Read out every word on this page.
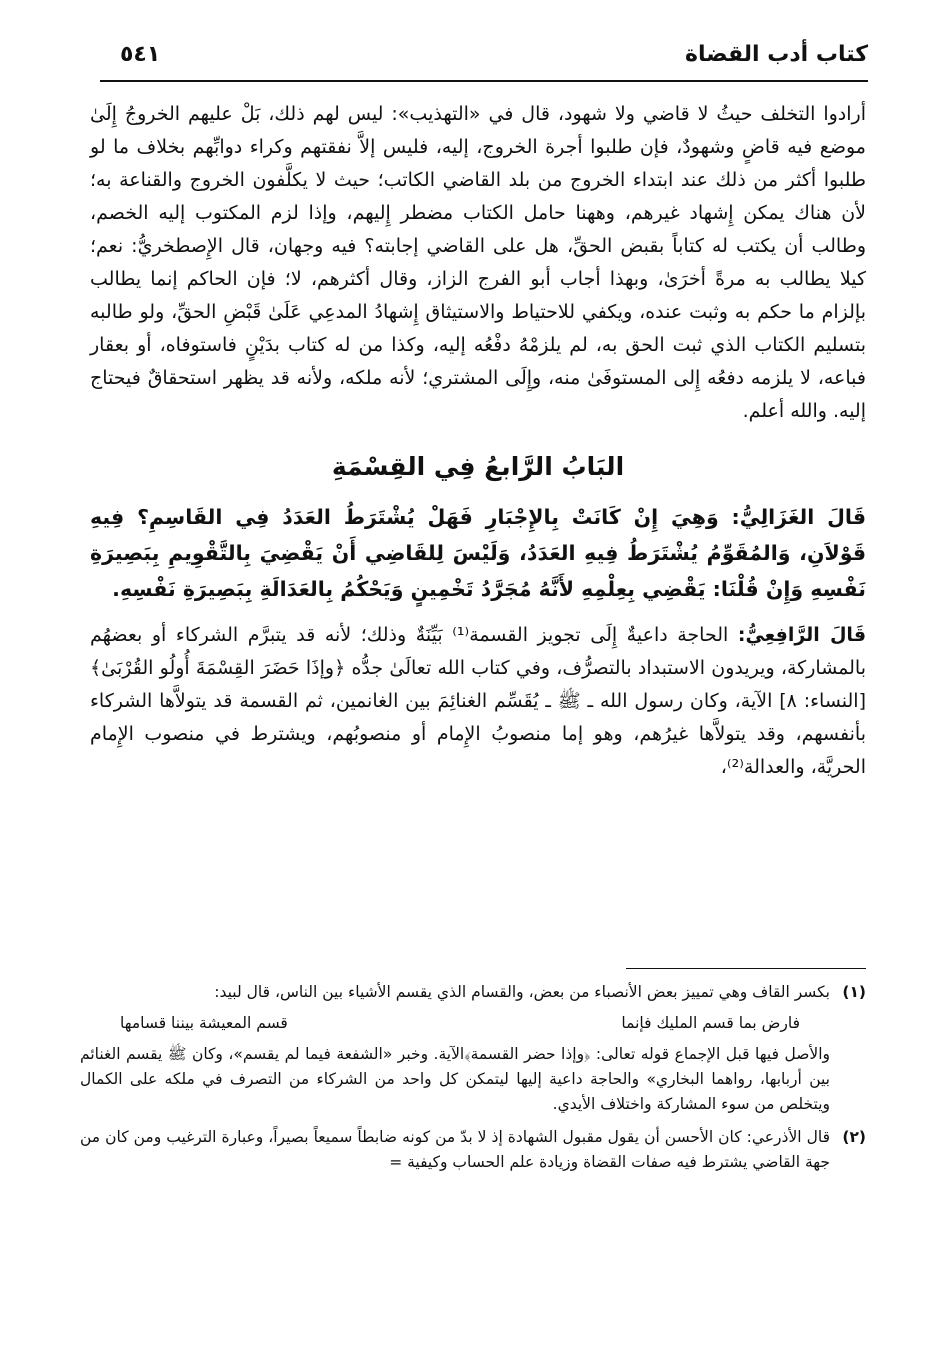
كتاب أدب القضاة
٥٤١

أرادوا التخلف حيثُ لا قاضي ولا شهود، قال في «التهذيب»: ليس لهم ذلك، بَلْ عليهم الخروجُ إِلَىٰ موضع فيه قاضٍ وشهودٌ، فإن طلبوا أجرة الخروج، إليه، فليس إلاَّ نفقتهم وكراء دوابِّهم بخلاف ما لو طلبوا أكثر من ذلك عند ابتداء الخروج من بلد القاضي الكاتب؛ حيث لا يكلَّفون الخروج والقناعة به؛ لأن هناك يمكن إِشهاد غيرهم، وههنا حامل الكتاب مضطر إِليهم، وإذا لزم المكتوب إليه الخصم، وطالب أن يكتب له كتاباً بقبض الحقِّ، هل على القاضي إجابته؟ فيه وجهان، قال الإِصطخريُّ: نعم؛ كيلا يطالب به مرةً أخرَىٰ، وبهذا أجاب أبو الفرج الزاز، وقال أكثرهم، لا؛ فإن الحاكم إنما يطالب بإلزام ما حكم به وثبت عنده، ويكفي للاحتياط والاستيثاق إِشهادُ المدعِي عَلَىٰ قَبْضِ الحقِّ، ولو طالبه بتسليم الكتاب الذي ثبت الحق به، لم يلزمْهُ دفْعُه إليه، وكذا من له كتاب بدَيْنٍ فاستوفاه، أو بعقار فباعه، لا يلزمه دفعُه إِلى المستوفَىٰ منه، وإِلَى المشتري؛ لأنه ملكه، ولأنه قد يظهر استحقاقٌ فيحتاج إليه. والله أعلم.

البَابُ الرَّابعُ فِي القِسْمَةِ

قَالَ الغَزَالِيُّ: وَهِيَ إِنْ كَانَتْ بِالإِجْبَارِ فَهَلْ يُشْتَرَطُ العَدَدُ فِي القَاسِمِ؟ فِيهِ قَوْلاَنِ، وَالمُقَوِّمُ يُشْتَرَطُ فِيهِ العَدَدُ، وَلَيْسَ لِلقَاضِي أَنْ يَقْضِيَ بِالتَّقْوِيمِ بِبَصِيرَةِ نَفْسِهِ وَإِنْ قُلْنَا: يَقْضِي بِعِلْمِهِ لأَنَّهُ مُجَرَّدُ تَخْمِينٍ وَيَحْكُمُ بِالعَدَالَةِ بِبَصِيرَةِ نَفْسِهِ.

قَالَ الرَّافِعِيُّ: الحاجة داعيةٌ إِلَى تجويز القسمة⁽¹⁾ بَيِّنَةٌ وذلك؛ لأنه قد يتبرَّم الشركاء أو بعضهُم بالمشاركة، ويريدون الاستبداد بالتصرُّف، وفي كتاب الله تعالَىٰ جدُّه ﴿وإذَا حَضَرَ القِسْمَةَ أُولُو القُرْبَىٰ﴾ [النساء: ٨] الآية، وكان رسول الله ـ ﷺ ـ يُقَسِّم الغنائِمَ بين الغانمين، ثم القسمة قد يتولاَّها الشركاء بأنفسهم، وقد يتولاَّها غيرُهم، وهو إما منصوبُ الإِمام أو منصوبُهم، ويشترط في منصوب الإِمام الحريَّة، والعدالة⁽²⁾،

(١)
بكسر القاف وهي تمييز بعض الأنصباء من بعض، والقسام الذي يقسم الأشياء بين الناس، قال لبيد:
فارض بما قسم المليك فإنما
قسم المعيشة بيننا قسامها
والأصل فيها قبل الإجماع قوله تعالى: ﴿وإذا حضر القسمة﴾الآية. وخبر «الشفعة فيما لم يقسم»، وكان ﷺ يقسم الغنائم بين أربابها، رواهما البخاري» والحاجة داعية إليها ليتمكن كل واحد من الشركاء من التصرف في ملكه على الكمال ويتخلص من سوء المشاركة واختلاف الأيدي.
(٢)
قال الأذرعي: كان الأحسن أن يقول مقبول الشهادة إذ لا بدّ من كونه ضابطاً سميعاً بصيراً، وعبارة الترغيب ومن كان من جهة القاضي يشترط فيه صفات القضاة وزيادة علم الحساب وكيفية =
